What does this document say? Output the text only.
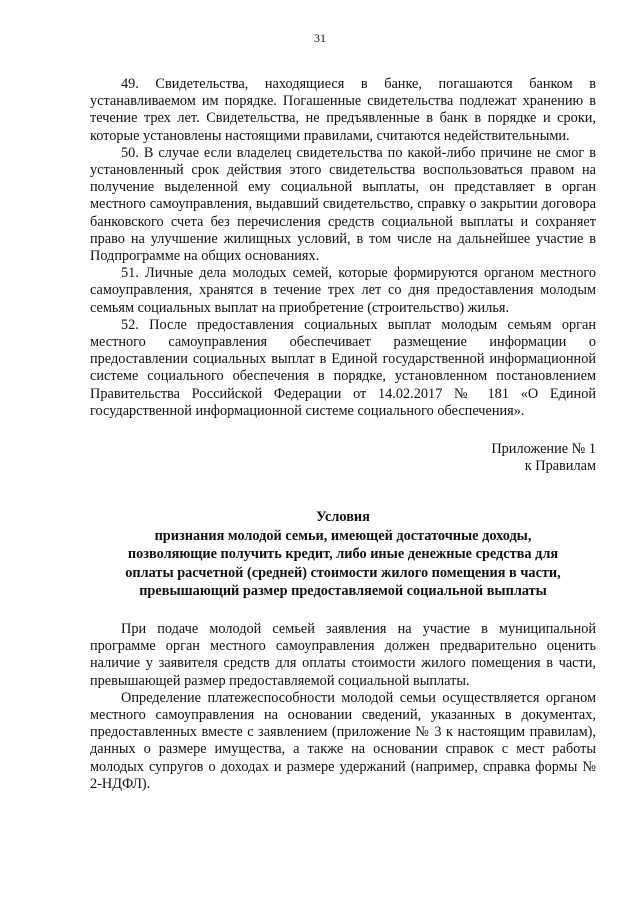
31

49. Свидетельства, находящиеся в банке, погашаются банком в устанавливаемом им порядке. Погашенные свидетельства подлежат хранению в течение трех лет. Свидетельства, не предъявленные в банк в порядке и сроки, которые установлены настоящими правилами, считаются недействительными.

50. В случае если владелец свидетельства по какой-либо причине не смог в установленный срок действия этого свидетельства воспользоваться правом на получение выделенной ему социальной выплаты, он представляет в орган местного самоуправления, выдавший свидетельство, справку о закрытии договора банковского счета без перечисления средств социальной выплаты и сохраняет право на улучшение жилищных условий, в том числе на дальнейшее участие в Подпрограмме на общих основаниях.

51. Личные дела молодых семей, которые формируются органом местного самоуправления, хранятся в течение трех лет со дня предоставления молодым семьям социальных выплат на приобретение (строительство) жилья.

52. После предоставления социальных выплат молодым семьям орган местного самоуправления обеспечивает размещение информации о предоставлении социальных выплат в Единой государственной информационной системе социального обеспечения в порядке, установленном постановлением Правительства Российской Федерации от 14.02.2017 № 181 «О Единой государственной информационной системе социального обеспечения».

Приложение № 1
к Правилам
Условия
признания молодой семьи, имеющей достаточные доходы,
позволяющие получить кредит, либо иные денежные средства для
оплаты расчетной (средней) стоимости жилого помещения в части,
превышающий размер предоставляемой социальной выплаты

При подаче молодой семьей заявления на участие в муниципальной программе орган местного самоуправления должен предварительно оценить наличие у заявителя средств для оплаты стоимости жилого помещения в части, превышающей размер предоставляемой социальной выплаты.

Определение платежеспособности молодой семьи осуществляется органом местного самоуправления на основании сведений, указанных в документах, предоставленных вместе с заявлением (приложение № 3 к настоящим правилам), данных о размере имущества, а также на основании справок с мест работы молодых супругов о доходах и размере удержаний (например, справка формы № 2-НДФЛ).
